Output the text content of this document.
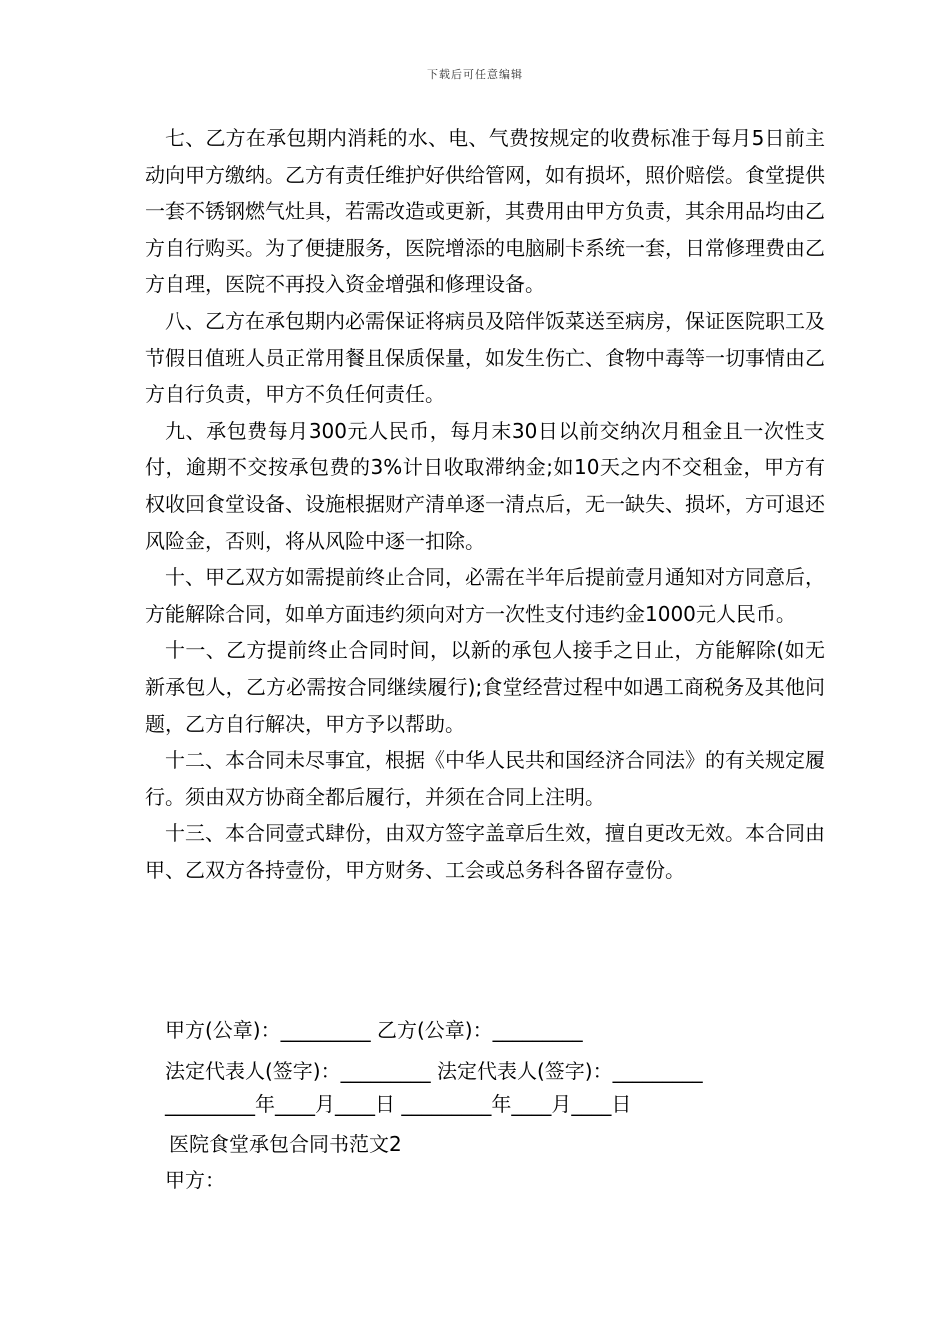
下载后可任意编辑

七、乙方在承包期内消耗的水、电、气费按规定的收费标准于每月5日前主动向甲方缴纳。乙方有责任维护好供给管网，如有损坏，照价赔偿。食堂提供一套不锈钢燃气灶具，若需改造或更新，其费用由甲方负责，其余用品均由乙方自行购买。为了便捷服务，医院增添的电脑刷卡系统一套，日常修理费由乙方自理，医院不再投入资金增强和修理设备。

八、乙方在承包期内必需保证将病员及陪伴饭菜送至病房，保证医院职工及节假日值班人员正常用餐且保质保量，如发生伤亡、食物中毒等一切事情由乙方自行负责，甲方不负任何责任。

九、承包费每月300元人民币，每月末30日以前交纳次月租金且一次性支付，逾期不交按承包费的3%计日收取滞纳金;如10天之内不交租金，甲方有权收回食堂设备、设施根据财产清单逐一清点后，无一缺失、损坏，方可退还风险金，否则，将从风险中逐一扣除。

十、甲乙双方如需提前终止合同，必需在半年后提前壹月通知对方同意后，方能解除合同，如单方面违约须向对方一次性支付违约金1000元人民币。

十一、乙方提前终止合同时间，以新的承包人接手之日止，方能解除(如无新承包人，乙方必需按合同继续履行);食堂经营过程中如遇工商税务及其他问题，乙方自行解决，甲方予以帮助。

十二、本合同未尽事宜，根据《中华人民共和国经济合同法》的有关规定履行。须由双方协商全都后履行，并须在合同上注明。

十三、本合同壹式肆份，由双方签字盖章后生效，擅自更改无效。本合同由甲、乙双方各持壹份，甲方财务、工会或总务科各留存壹份。

甲方(公章)：_________ 乙方(公章)：_________
法定代表人(签字)：_________ 法定代表人(签字)：_________
_________年____月____日 _________年____月____日
医院食堂承包合同书范文2
甲方：
